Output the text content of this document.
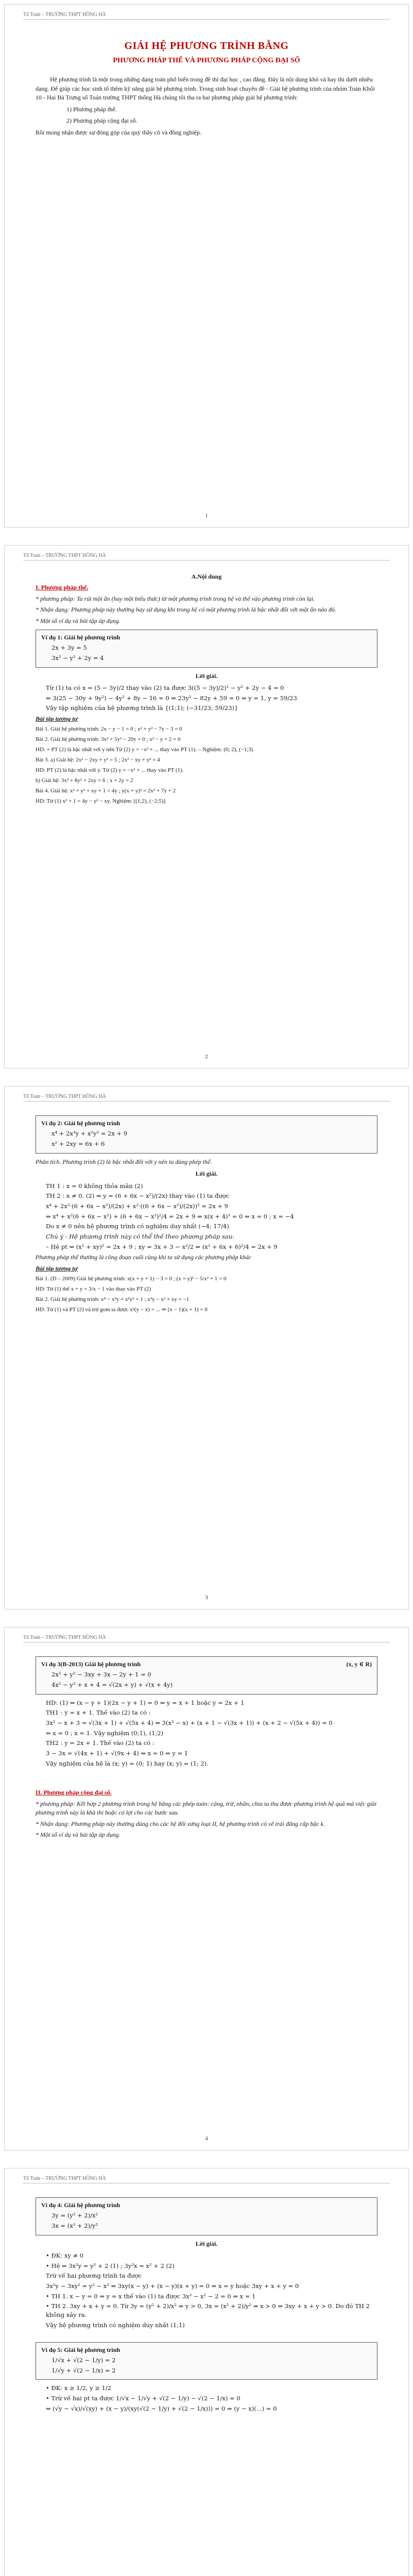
Tổ Toán – TRƯỜNG THPT HỒNG HÀ
GIẢI HỆ PHƯƠNG TRÌNH BẰNG
PHƯƠNG PHÁP THẾ VÀ PHƯƠNG PHÁP CỘNG ĐẠI SỐ

Hệ phương trình là một trong những dạng toán phổ biến trong đề thi đại học , cao đẳng. Đây là nội dung khó và hay thi dưới nhiều dạng. Để giúp các học sinh tổ thêm kỹ năng giải hệ phương trình. Trong sinh hoạt chuyên đề - Giải hệ phương trình của nhóm Toán Khối 10 - Hai Bà Trưng số Toán trường THPT thống Hà chúng tôi tha ra hai phương pháp giải hệ phương trình:

1) Phương pháp thế.

2) Phương pháp cộng đại số.

Rồi mong nhận được sự đóng góp của quý thầy cô và đồng nghiệp.

1
Tổ Toán – TRƯỜNG THPT HỒNG HÀ

A.Nội dung

I. Phương pháp thế.

* phương pháp: Ta rút một ẩn (hay một biểu thức) từ một phương trình trong hệ và thế vào phương trình còn lại.

* Nhận dạng: Phương pháp này thường hay sử dụng khi trong hệ có một phương trình là bậc nhất đối với một ẩn nào đó.

* Một số ví dụ và bài tập áp dụng.

Ví dụ 1: Giải hệ phương trình
2x + 3y = 5
3x² − y² + 2y = 4
Lời giải.

Từ (1) ta có x = (5 − 3y)/2 thay vào (2) ta được 3((5 − 3y)/2)² − y² + 2y − 4 = 0

⇔ 3(25 − 30y + 9y²) − 4y² + 8y − 16 = 0 ⇔ 23y² − 82y + 59 = 0 ⇔ y = 1, y = 59/23

Vậy tập nghiệm của hệ phương trình là {(1;1); (−31/23; 59/23)}

Bài tập tương tự

Bài 1. Giải hệ phương trình: 2x − y − 1 = 0 ; x² + y² − 7y − 3 = 0

Bài 2. Giải hệ phương trình: 3x² + 5y² − 20y = 0 ; x² − y + 2 = 0

HD: + PT (2) là bậc nhất với y nên Từ (2) y = −x² + ... thay vào PT (1). – Nghiệm: (0; 2), (−1;3)

Bài 3. a) Giải hệ: 2x² − 2xy + y² = 5 ; 2x² − xy + y² = 4

HD: PT (2) là bậc nhất với y. Từ (2) y = −x² + ... thay vào PT (1).

b) Giải hệ: 3x² + 8y² + 2xy = 6 ; x + 2y = 2

Bài 4. Giải hệ: x² + y² + xy + 1 = 4y ; y(x + y)² = 2x² + 7y + 2

HD: Từ (1) x² + 1 = 4y − y² − xy. Nghiệm: [(1;2), (−2;5)]

2
Tổ Toán – TRƯỜNG THPT HỒNG HÀ
Ví dụ 2: Giải hệ phương trình
x⁴ + 2x³y + x²y² = 2x + 9
x² + 2xy = 6x + 6

Phân tích. Phương trình (2) là bậc nhất đối với y nên ta dùng phép thế.

Lời giải.

TH 1 : x = 0 không thỏa mãn (2)

TH 2 : x ≠ 0, (2) ⇔ y = (6 + 6x − x²)/(2x) thay vào (1) ta được

x⁴ + 2x³·(6 + 6x − x²)/(2x) + x²·((6 + 6x − x²)/(2x))² = 2x + 9

⇔ x⁴ + x²(6 + 6x − x²) + (6 + 6x − x²)²/4 = 2x + 9 ⇔ x(x + 4)³ = 0 ⇔ x = 0 ; x = −4

Do x ≠ 0 nên hệ phương trình có nghiệm duy nhất (−4; 17/4)

Chú ý : Hệ phương trình này có thể thế theo phương pháp sau:

– Hệ pt ⇔ (x² + xy)² = 2x + 9 ; xy = 3x + 3 − x²/2 ⇔ (x² + 6x + 6)²/4 = 2x + 9

Phương pháp thế thường là công đoạn cuối cùng khi ta sử dụng các phương pháp khác

Bài tập tương tự

Bài 1. (D – 2009) Giải hệ phương trình: x(x + y + 1) − 3 = 0 ; (x + y)² − 5/x² + 1 = 0

HD: Từ (1) thế x + y = 3/x − 1 vào thay vào PT (2)

Bài 2. Giải hệ phương trình: x⁴ − x³y + x²y² = 1 ; x³y − x² + xy = −1

HD: Từ (1) và PT (2) và trừ gom ta được x²(y − x) = ... ⇒ (x − 1)(x + 1) = 0

3
Tổ Toán – TRƯỜNG THPT HỒNG HÀ
Ví dụ 3(B-2013) Giải hệ phương trình	(x, y ∈ R)
2x² + y² − 3xy + 3x − 2y + 1 = 0
4x² − y² + x + 4 = √(2x + y) + √(x + 4y)

HD: (1) ⇔ (x − y + 1)(2x − y + 1) = 0 ⇔ y = x + 1 hoặc y = 2x + 1

TH1 : y = x + 1. Thế vào (2) ta có :

3x² − x + 3 = √(3x + 1) + √(5x + 4) ⇔ 3(x² − x) + (x + 1 − √(3x + 1)) + (x + 2 − √(5x + 4)) = 0

⇔ x = 0 ; x = 1. Vậy nghiệm (0;1), (1;2)

TH2 : y = 2x + 1. Thế vào (2) ta có :

3 − 3x = √(4x + 1) + √(9x + 4) ⇔ x = 0 ⇒ y = 1

Vậy nghiệm của hệ là (x; y) = (0; 1) hay (x; y) = (1; 2).

II. Phương pháp cộng đại số.

* phương pháp: Kết hợp 2 phương trình trong hệ bằng các phép toán: cộng, trừ, nhân, chia ta thu được phương trình hệ quả mà việc giải phương trình này là khả thi hoặc có lợi cho các bước sau.

* Nhận dạng: Phương pháp này thường dùng cho các hệ đối xứng loại II, hệ phương trình có vế trái đẳng cấp bậc k.

* Một số ví dụ và bài tập áp dụng.

4
Tổ Toán – TRƯỜNG THPT HỒNG HÀ
Ví dụ 4: Giải hệ phương trình
3y = (y² + 2)/x²
3x = (x² + 2)/y²
Lời giải.

• ĐK: xy ≠ 0

• Hệ ⇔ 3x²y = y² + 2 (1) ; 3y²x = x² + 2 (2)

Trừ vế hai phương trình ta được

3x²y − 3xy² = y² − x² ⇔ 3xy(x − y) + (x − y)(x + y) = 0 ⇔ x = y hoặc 3xy + x + y = 0

• TH 1. x − y = 0 ⇒ y = x thế vào (1) ta được 3x³ − x² − 2 = 0 ⇔ x = 1

• TH 2. 3xy + x + y = 0. Từ 3y = (y² + 2)/x² ⇒ y > 0, 3x = (x² + 2)/y² ⇒ x > 0 ⇒ 3xy + x + y > 0. Do đó TH 2 không xảy ra.

Vậy hệ phương trình có nghiệm duy nhất (1;1)

Ví dụ 5: Giải hệ phương trình
1/√x + √(2 − 1/y) = 2
1/√y + √(2 − 1/x) = 2

• ĐK: x ≥ 1/2, y ≥ 1/2

• Trừ vế hai pt ta được 1/√x − 1/√y + √(2 − 1/y) − √(2 − 1/x) = 0

⇔ (√y − √x)/√(xy) + (x − y)/(xy(√(2 − 1/y) + √(2 − 1/x))) = 0 ⇔ (y − x)(...) = 0
